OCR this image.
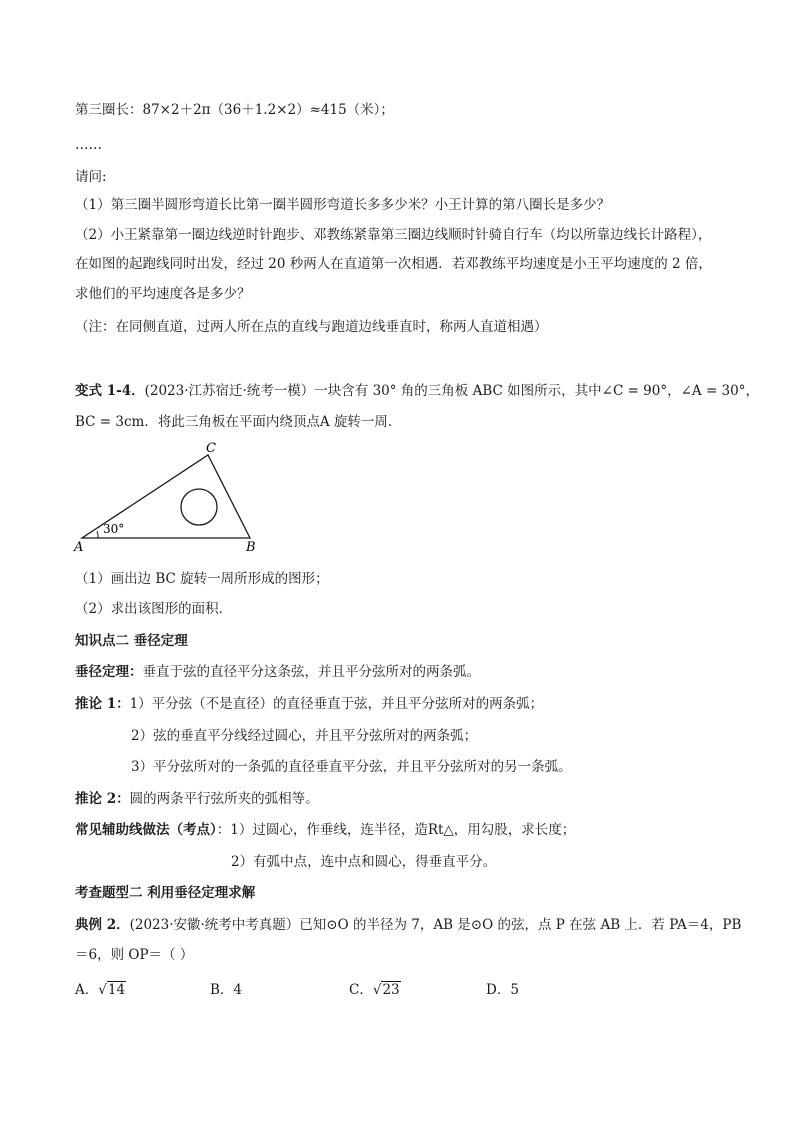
第三圈长：87×2＋2π（36＋1.2×2）≈415（米）；
……
请问:
（1）第三圈半圆形弯道长比第一圈半圆形弯道长多多少米？小王计算的第八圈长是多少？
（2）小王紧靠第一圈边线逆时针跑步、邓教练紧靠第三圈边线顺时针骑自行车（均以所靠边线长计路程），
在如图的起跑线同时出发，经过 20 秒两人在直道第一次相遇．若邓教练平均速度是小王平均速度的 2 倍，
求他们的平均速度各是多少？
（注：在同侧直道，过两人所在点的直线与跑道边线垂直时，称两人直道相遇）
变式 1-4．(2023·江苏宿迁·统考一模）一块含有 30° 角的三角板 ABC 如图所示，其中∠C = 90°，∠A = 30°，
BC = 3cm．将此三角板在平面内绕顶点A 旋转一周．
30°
A	B
C
（1）画出边 BC 旋转一周所形成的图形；
（2）求出该图形的面积．
知识点二 垂径定理
垂径定理：垂直于弦的直径平分这条弦，并且平分弦所对的两条弧。
推论 1：1）平分弦（不是直径）的直径垂直于弦，并且平分弦所对的两条弧；
2）弦的垂直平分线经过圆心，并且平分弦所对的两条弧；
3）平分弦所对的一条弧的直径垂直平分弦，并且平分弦所对的另一条弧。
推论 2：圆的两条平行弦所夹的弧相等。
常见辅助线做法（考点）：1）过圆心，作垂线，连半径，造Rt△，用勾股，求长度；
2）有弧中点，连中点和圆心，得垂直平分。
考查题型二 利用垂径定理求解
典例 2．(2023·安徽·统考中考真题）已知⊙O 的半径为 7，AB 是⊙O 的弦，点 P 在弦 AB 上．若 PA＝4，PB
＝6，则 OP＝（ ）
A．√14	B．4	C．√23	D．5
